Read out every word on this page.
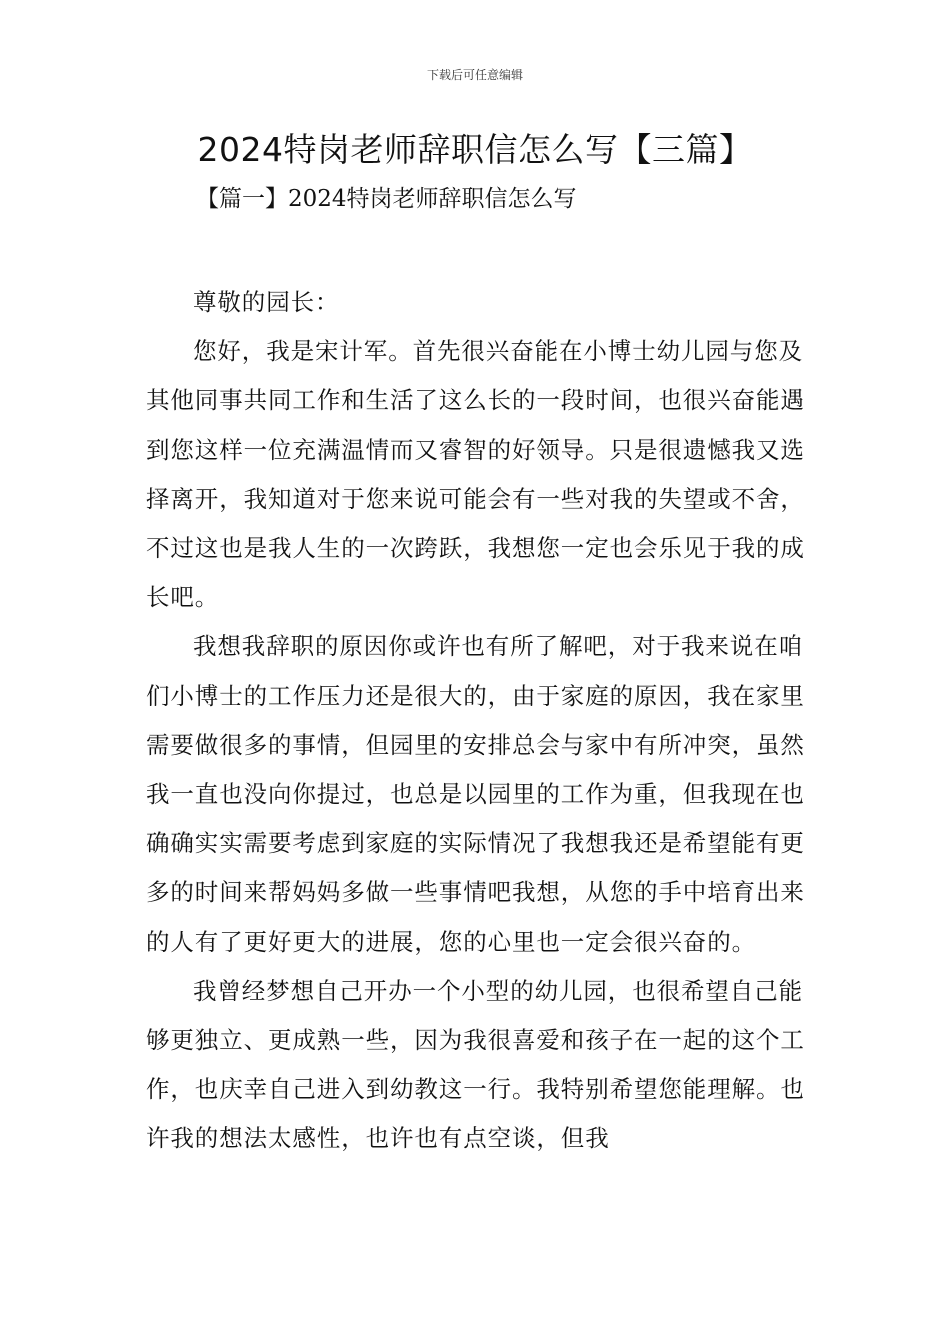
下载后可任意编辑
2024特岗老师辞职信怎么写【三篇】
【篇一】2024特岗老师辞职信怎么写
尊敬的园长：

您好，我是宋计军。首先很兴奋能在小博士幼儿园与您及其他同事共同工作和生活了这么长的一段时间，也很兴奋能遇到您这样一位充满温情而又睿智的好领导。只是很遗憾我又选择离开，我知道对于您来说可能会有一些对我的失望或不舍，不过这也是我人生的一次跨跃，我想您一定也会乐见于我的成长吧。

我想我辞职的原因你或许也有所了解吧，对于我来说在咱们小博士的工作压力还是很大的，由于家庭的原因，我在家里需要做很多的事情，但园里的安排总会与家中有所冲突，虽然我一直也没向你提过，也总是以园里的工作为重，但我现在也确确实实需要考虑到家庭的实际情况了我想我还是希望能有更多的时间来帮妈妈多做一些事情吧我想，从您的手中培育出来的人有了更好更大的进展，您的心里也一定会很兴奋的。

我曾经梦想自己开办一个小型的幼儿园，也很希望自己能够更独立、更成熟一些，因为我很喜爱和孩子在一起的这个工作，也庆幸自己进入到幼教这一行。我特别希望您能理解。也许我的想法太感性，也许也有点空谈，但我
